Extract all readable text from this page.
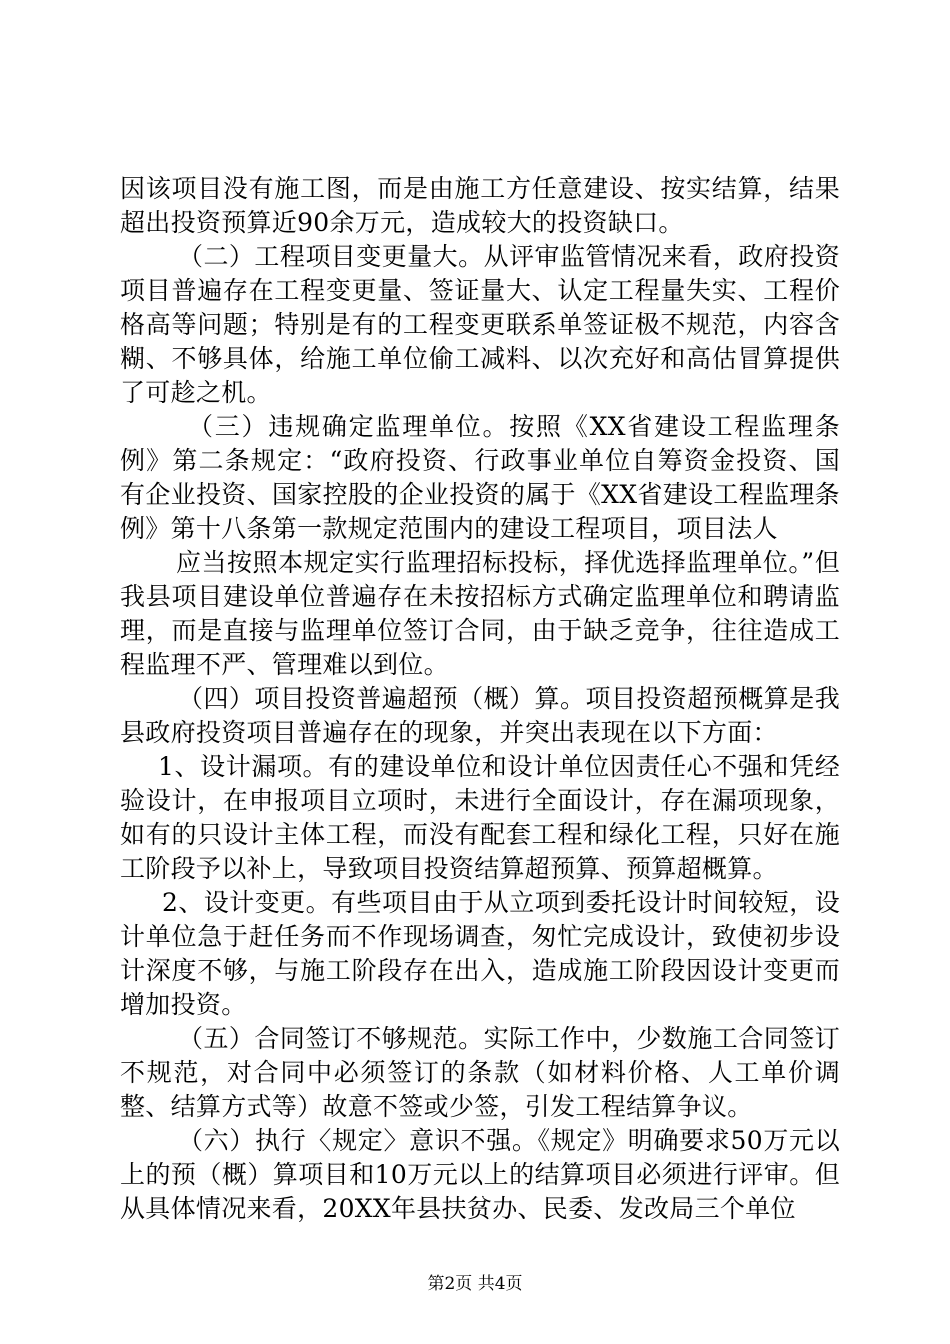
因该项目没有施工图，而是由施工方任意建设、按实结算，结果超出投资预算近90余万元，造成较大的投资缺口。

（二）工程项目变更量大。从评审监管情况来看，政府投资项目普遍存在工程变更量、签证量大、认定工程量失实、工程价格高等问题；特别是有的工程变更联系单签证极不规范，内容含糊、不够具体，给施工单位偷工减料、以次充好和高估冒算提供了可趁之机。

（三）违规确定监理单位。按照《XX省建设工程监理条例》第二条规定：“政府投资、行政事业单位自筹资金投资、国有企业投资、国家控股的企业投资的属于《XX省建设工程监理条例》第十八条第一款规定范围内的建设工程项目，项目法人

应当按照本规定实行监理招标投标，择优选择监理单位。”但我县项目建设单位普遍存在未按招标方式确定监理单位和聘请监理，而是直接与监理单位签订合同，由于缺乏竞争，往往造成工程监理不严、管理难以到位。

（四）项目投资普遍超预（概）算。项目投资超预概算是我县政府投资项目普遍存在的现象，并突出表现在以下方面：

1、设计漏项。有的建设单位和设计单位因责任心不强和凭经验设计，在申报项目立项时，未进行全面设计，存在漏项现象，如有的只设计主体工程，而没有配套工程和绿化工程，只好在施工阶段予以补上，导致项目投资结算超预算、预算超概算。

2、设计变更。有些项目由于从立项到委托设计时间较短，设计单位急于赶任务而不作现场调查，匆忙完成设计，致使初步设计深度不够，与施工阶段存在出入，造成施工阶段因设计变更而增加投资。

（五）合同签订不够规范。实际工作中，少数施工合同签订不规范，对合同中必须签订的条款（如材料价格、人工单价调整、结算方式等）故意不签或少签，引发工程结算争议。

（六）执行〈规定〉意识不强。《规定》明确要求50万元以上的预（概）算项目和10万元以上的结算项目必须进行评审。但从具体情况来看，20XX年县扶贫办、民委、发改局三个单位

第2页 共4页
